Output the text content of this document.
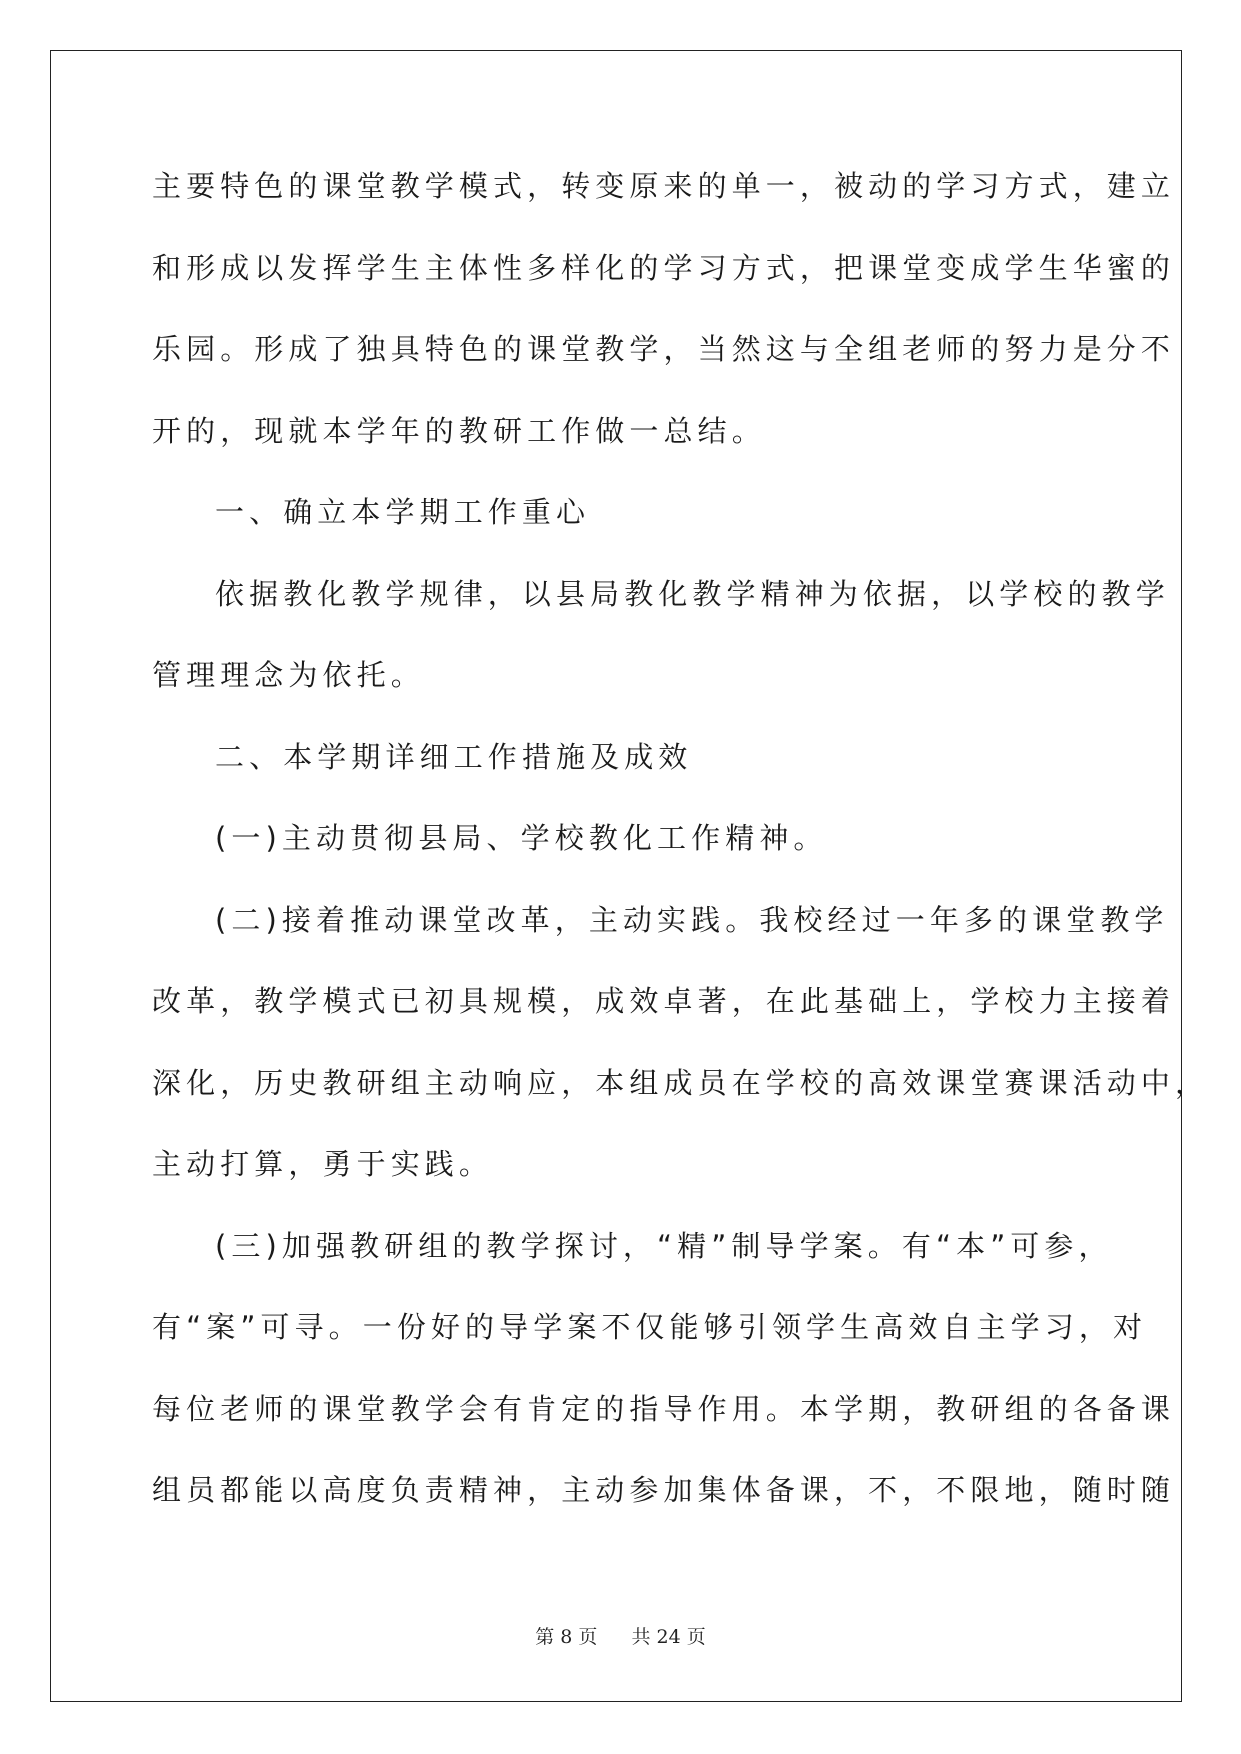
主要特色的课堂教学模式，转变原来的单一，被动的学习方式，建立
和形成以发挥学生主体性多样化的学习方式，把课堂变成学生华蜜的
乐园。形成了独具特色的课堂教学，当然这与全组老师的努力是分不
开的，现就本学年的教研工作做一总结。
一、确立本学期工作重心
依据教化教学规律，以县局教化教学精神为依据，以学校的教学
管理理念为依托。
二、本学期详细工作措施及成效
(一)主动贯彻县局、学校教化工作精神。
(二)接着推动课堂改革，主动实践。我校经过一年多的课堂教学
改革，教学模式已初具规模，成效卓著，在此基础上，学校力主接着
深化，历史教研组主动响应，本组成员在学校的高效课堂赛课活动中，
主动打算，勇于实践。
(三)加强教研组的教学探讨，“精”制导学案。有“本”可参，
有“案”可寻。一份好的导学案不仅能够引领学生高效自主学习，对
每位老师的课堂教学会有肯定的指导作用。本学期，教研组的各备课
组员都能以高度负责精神，主动参加集体备课，不，不限地，随时随
第 8 页 共 24 页
